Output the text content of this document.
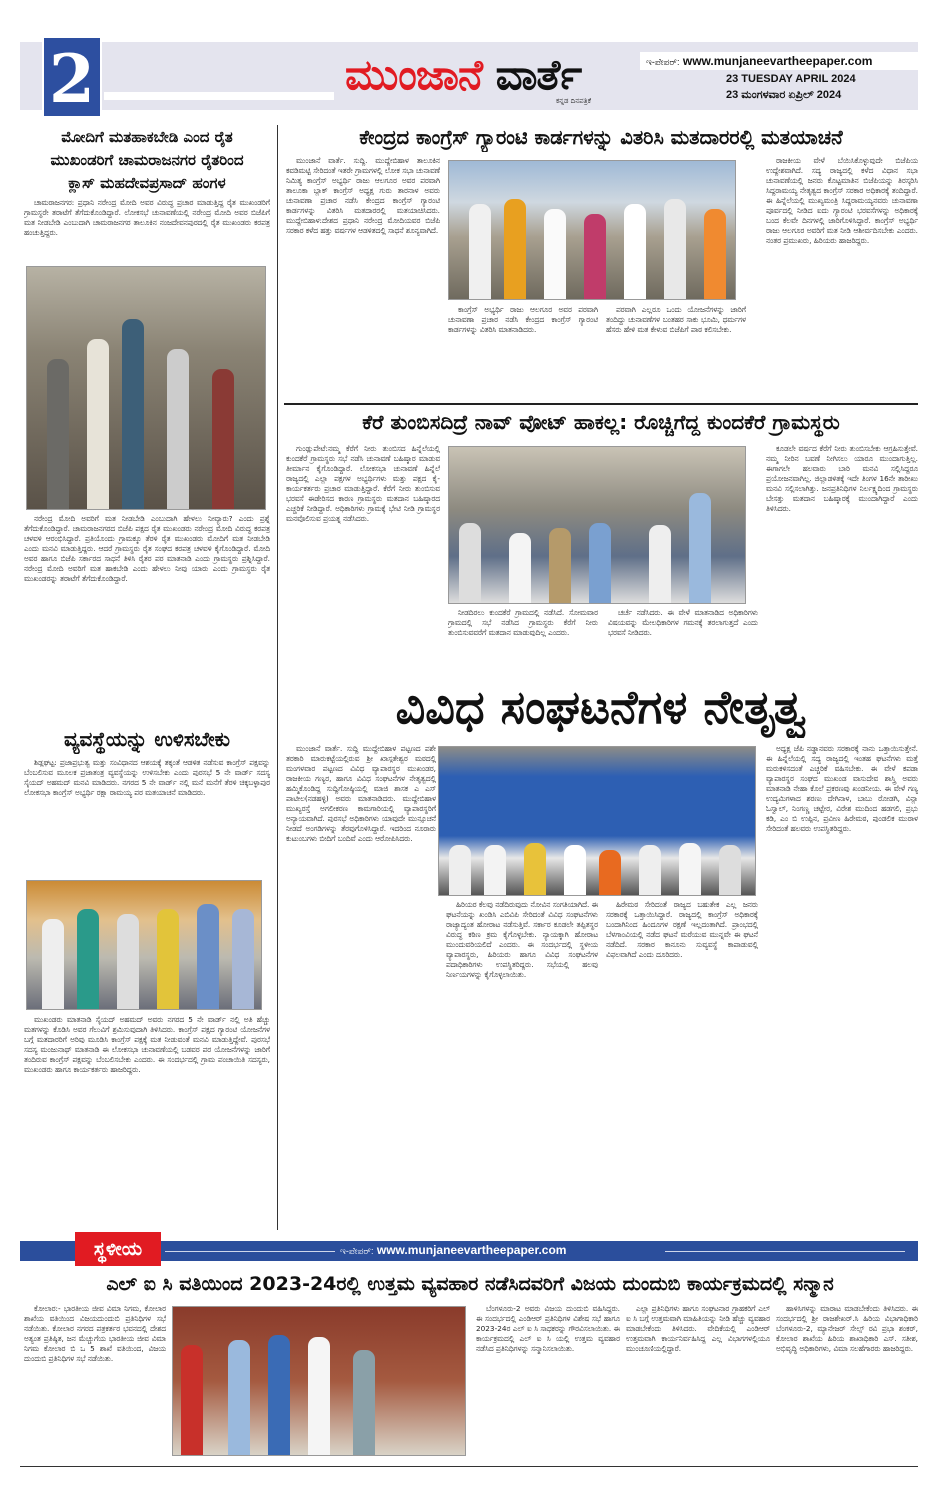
2	ಮುಂಜಾನೆ ವಾರ್ತೆ
ಕನ್ನಡ ದಿನಪತ್ರಿಕೆ
ಇ-ಪೇಪರ್: www.munjaneevartheepaper.com
23 TUESDAY APRIL 2024
23 ಮಂಗಳವಾರ ಏಪ್ರಿಲ್ 2024
ಮೋದಿಗೆ ಮತಹಾಕಬೇಡಿ ಎಂದ ರೈತ
ಮುಖಂಡರಿಗೆ ಚಾಮರಾಜನಗರ ರೈತರಿಂದ
ಕ್ಲಾಸ್ ಮಹದೇವಪ್ರಸಾದ್ ಹಂಗಳ

ಚಾಮರಾಜನಗರ: ಪ್ರಧಾನಿ ನರೇಂದ್ರ ಮೋದಿ ಅವರ ವಿರುದ್ಧ ಪ್ರಚಾರ ಮಾಡುತ್ತಿದ್ದ ರೈತ ಮುಖಂಡರಿಗೆ ಗ್ರಾಮಸ್ಥರೇ ತರಾಟೆಗೆ ತೆಗೆದುಕೊಂಡಿದ್ದಾರೆ. ಲೋಕಸಭೆ ಚುನಾವಣೆಯಲ್ಲಿ ನರೇಂದ್ರ ಮೋದಿ ಅವರ ಬಿಜೆಪಿಗೆ ಮತ ನೀಡಬೇಡಿ ಎಂಬುದಾಗಿ ಚಾಮರಾಜನಗರ ತಾಲೂಕಿನ ನಂಜದೇವನಪುರದಲ್ಲಿ ರೈತ ಮುಖಂಡರು ಕರಪತ್ರ ಹಂಚುತ್ತಿದ್ದರು.

ನರೇಂದ್ರ ಮೋದಿ ಅವರಿಗೆ ಮತ ನೀಡಬೇಡಿ ಎಂಬುದಾಗಿ ಹೇಳಲು ನೀವ್ಯಾರು? ಎಂದು ಪ್ರಶ್ನೆ ತೆಗೆದುಕೊಂಡಿದ್ದಾರೆ. ಚಾಮರಾಜನಗರದ ಬಿಜೆಪಿ ಪಕ್ಷದ ರೈತ ಮುಖಂಡರು ನರೇಂದ್ರ ಮೋದಿ ವಿರುದ್ಧ ಕರಪತ್ರ ಚಳವಳಿ ಆರಂಭಿಸಿದ್ದಾರೆ. ಪ್ರತಿಯೊಂದು ಗ್ರಾಮಕ್ಕೂ ತೆರಳಿ ರೈತ ಮುಖಂಡರು ಮೋದಿಗೆ ಮತ ನೀಡಬೇಡಿ ಎಂದು ಮನವಿ ಮಾಡುತ್ತಿದ್ದರು. ಆದರೆ ಗ್ರಾಮಸ್ಥರು ರೈತ ಸಂಘದ ಕರಪತ್ರ ಚಳವಳಿ ಕೈಗೊಂಡಿದ್ದಾರೆ. ಮೋದಿ ಅವರ ಹಾಗೂ ಬಿಜೆಪಿ ಸರ್ಕಾರದ ಸಾಧನೆ ತಿಳಿಸಿ ರೈತರ ಪರ ಮಾತನಾಡಿ ಎಂದು ಗ್ರಾಮಸ್ಥರು ಪ್ರಶ್ನಿಸಿದ್ದಾರೆ. ನರೇಂದ್ರ ಮೋದಿ ಅವರಿಗೆ ಮತ ಹಾಕಬೇಡಿ ಎಂದು ಹೇಳಲು ನೀವು ಯಾರು ಎಂದು ಗ್ರಾಮಸ್ಥರು ರೈತ ಮುಖಂಡರನ್ನು ತರಾಟೆಗೆ ತೆಗೆದುಕೊಂಡಿದ್ದಾರೆ.

ವ್ಯವಸ್ಥೆಯನ್ನು ಉಳಿಸಬೇಕು

ಶಿಡ್ಲಘಟ್ಟ: ಪ್ರಜಾಪ್ರಭುತ್ವ ಮತ್ತು ಸಂವಿಧಾನದ ಆಶಯಕ್ಕೆ ತಕ್ಕಂತೆ ಆಡಳಿತ ನಡೆಸುವ ಕಾಂಗ್ರೆಸ್ ಪಕ್ಷವನ್ನು ಬೆಂಬಲಿಸುವ ಮೂಲಕ ಪ್ರಜಾತಂತ್ರ ವ್ಯವಸ್ಥೆಯನ್ನು ಉಳಿಸಬೇಕು ಎಂದು ಪುರಸಭೆ 5 ನೇ ವಾರ್ಡ್ ಸದಸ್ಯ ಸೈಯದ್ ಅಹಮದ್ ಮನವಿ ಮಾಡಿದರು. ನಗರದ 5 ನೇ ವಾರ್ಡ್ ನಲ್ಲಿ ಮನೆ ಮನೆಗೆ ತೆರಳಿ ಚಿಕ್ಕಬಳ್ಳಾಪುರ ಲೋಕಸಭಾ ಕಾಂಗ್ರೆಸ್ ಅಭ್ಯರ್ಥಿ ರಕ್ಷಾ ರಾಮಯ್ಯ ಪರ ಮತಯಾಚನೆ ಮಾಡಿದರು.

ಮುಖಂಡರು ಮಾತನಾಡಿ ಸೈಯದ್ ಅಹಮದ್ ಅವರು ನಗರದ 5 ನೇ ವಾರ್ಡ್ ನಲ್ಲಿ ಅತಿ ಹೆಚ್ಚು ಮತಗಳನ್ನು ಕೊಡಿಸಿ ಅವರ ಗೆಲುವಿಗೆ ಶ್ರಮಿಸುವುದಾಗಿ ತಿಳಿಸಿದರು. ಕಾಂಗ್ರೆಸ್ ಪಕ್ಷದ ಗ್ಯಾರಂಟಿ ಯೋಜನೆಗಳ ಬಗ್ಗೆ ಮತದಾರರಿಗೆ ಅರಿವು ಮೂಡಿಸಿ ಕಾಂಗ್ರೆಸ್ ಪಕ್ಷಕ್ಕೆ ಮತ ನೀಡುವಂತೆ ಮನವಿ ಮಾಡುತ್ತಿದ್ದೇವೆ. ಪುರಸಭೆ ಸದಸ್ಯ ಮಂಜುನಾಥ್ ಮಾತನಾಡಿ ಈ ಲೋಕಸಭಾ ಚುನಾವಣೆಯಲ್ಲಿ ಬಡವರ ಪರ ಯೋಜನೆಗಳನ್ನು ಜಾರಿಗೆ ತಂದಿರುವ ಕಾಂಗ್ರೆಸ್ ಪಕ್ಷವನ್ನು ಬೆಂಬಲಿಸಬೇಕು ಎಂದರು. ಈ ಸಂದರ್ಭದಲ್ಲಿ ಗ್ರಾಮ ಪಂಚಾಯಿತಿ ಸದಸ್ಯರು, ಮುಖಂಡರು ಹಾಗೂ ಕಾರ್ಯಕರ್ತರು ಹಾಜರಿದ್ದರು.

ಕೇಂದ್ರದ ಕಾಂಗ್ರೆಸ್ ಗ್ಯಾರಂಟಿ ಕಾರ್ಡಗಳನ್ನು ವಿತರಿಸಿ ಮತದಾರರಲ್ಲಿ ಮತಯಾಚನೆ

ಮುಂಜಾನೆ ವಾರ್ತೆ. ಸುದ್ದಿ. ಮುದ್ದೇಬಿಹಾಳ ತಾಲೂಕಿನ ಕವಡಿಮಟ್ಟಿ ಸೇರಿದಂತೆ ಇತರೇ ಗ್ರಾಮಗಳಲ್ಲಿ ಲೋಕ ಸಭಾ ಚುನಾವಣೆ ನಿಮಿತ್ಯ ಕಾಂಗ್ರೆಸ್ ಅಭ್ಯರ್ಥಿ ರಾಜು ಆಲಗೂರ ಅವರ ಪರವಾಗಿ ತಾಲೂಕಾ ಬ್ಲಾಕ್ ಕಾಂಗ್ರೆಸ್ ಅಧ್ಯಕ್ಷ ಗುರು ತಾರನಾಳ ಅವರು ಚುನಾವಣಾ ಪ್ರಚಾರ ನಡೆಸಿ ಕೇಂದ್ರದ ಕಾಂಗ್ರೆಸ್ ಗ್ಯಾರಂಟಿ ಕಾರ್ಡಗಳನ್ನು ವಿತರಿಸಿ ಮತದಾರರಲ್ಲಿ ಮತಯಾಚಿಸಿದರು. ಮುದ್ದೇಬಿಹಾಳ:ದೇಶದ ಪ್ರಧಾನಿ ನರೇಂದ್ರ ಮೋದಿಯವರ ಬಿಜೆಪಿ ಸರಕಾರ ಕಳೆದ ಹತ್ತು ವರ್ಷಗಳ ಆಡಳಿತದಲ್ಲಿ ಸಾಧನೆ ಶೂನ್ಯವಾಗಿದೆ.

ಕಾಂಗ್ರೆಸ್ ಅಭ್ಯರ್ಥಿ ರಾಜು ಆಲಗೂರ ಅವರ ಪರವಾಗಿ ಚುನಾವಣಾ ಪ್ರಚಾರ ನಡೆಸಿ ಕೇಂದ್ರದ ಕಾಂಗ್ರೆಸ್ ಗ್ಯಾರಂಟಿ ಕಾರ್ಡಗಳನ್ನು ವಿತರಿಸಿ ಮಾತನಾಡಿದರು.

ಪರವಾಗಿ ಎಲ್ಲರೂ ಒಂದು ಯೋಜನೆಗಳನ್ನು ಜಾರಿಗೆ ತಂದಿದ್ದು ಚುನಾವಣೆಗಳ ಬಂತಹರ ಸಾಕು ಭೂಮಿ, ಧರ್ಮಗಳ ಹೆಸರು ಹೇಳಿ ಮತ ಕೇಳುವ ಬಿಜೆಪಿಗೆ ಪಾಠ ಕಲಿಸಬೇಕು.

ರಾಜಕೀಯ ವೇಳೆ ಬೆಯಿಸಿಕೊಳ್ಳುವುದೇ ಬಿಜೆಪಿಯ ಉದ್ದೇಶವಾಗಿದೆ. ಸದ್ಯ ರಾಜ್ಯದಲ್ಲಿ ಕಳೆದ ವಿಧಾನ ಸಭಾ ಚುನಾವಣೆಯಲ್ಲಿ ಜನರು ಕೊಟ್ಟಮಾತಿನ ಬಿಜೆಪಿಯನ್ನು ತಿರಸ್ಕರಿಸಿ ಸಿದ್ದರಾಮಯ್ಯ ನೇತೃತ್ವದ ಕಾಂಗ್ರೆಸ್ ಸರಕಾರ ಅಧಿಕಾರಕ್ಕೆ ತಂದಿದ್ದಾರೆ. ಈ ಹಿನ್ನೆಲೆಯಲ್ಲಿ ಮುಖ್ಯಮಂತ್ರಿ ಸಿದ್ದರಾಮಯ್ಯನವರು ಚುನಾವಣಾ ಪೂರ್ವದಲ್ಲಿ ನೀಡಿದ ಐದು ಗ್ಯಾರಂಟಿ ಭರವಸೆಗಳನ್ನು ಅಧಿಕಾರಕ್ಕೆ ಬಂದ ಕೆಲವೇ ದಿನಗಳಲ್ಲಿ ಜಾರಿಗೊಳಿಸಿದ್ದಾರೆ. ಕಾಂಗ್ರೆಸ್ ಅಭ್ಯರ್ಥಿ ರಾಜು ಆಲಗೂರ ಅವರಿಗೆ ಮತ ನೀಡಿ ಆಶೀರ್ವದಿಸಬೇಕು ಎಂದರು. ನಂತರ ಪ್ರಮುಖರು, ಹಿರಿಯರು ಹಾಜರಿದ್ದರು.

ಕೆರೆ ತುಂಬಿಸದಿದ್ರೆ ನಾವ್ ವೋಟ್ ಹಾಕಲ್ಲ: ರೊಚ್ಚಿಗೆದ್ದ ಕುಂದಕೆರೆ ಗ್ರಾಮಸ್ಥರು

ಗುಂಡ್ಲುಪೇಟೆ:ನಮ್ಮ ಕೆರೆಗೆ ನೀರು ತುಂಬಿಸದ ಹಿನ್ನೆಲೆಯಲ್ಲಿ ಕುಂದಕೆರೆ ಗ್ರಾಮಸ್ಥರು ಸಭೆ ನಡೆಸಿ ಚುನಾವಣೆ ಬಹಿಷ್ಕಾರ ಮಾಡುವ ತೀರ್ಮಾನ ಕೈಗೊಂಡಿದ್ದಾರೆ. ಲೋಕಸಭಾ ಚುನಾವಣೆ ಹಿನ್ನೆಲೆ ರಾಜ್ಯದಲ್ಲಿ ಎಲ್ಲಾ ಪಕ್ಷಗಳ ಅಭ್ಯರ್ಥಿಗಳು ಮತ್ತು ಪಕ್ಷದ ಕೈ-ಕಾರ್ಯಕರ್ತರು ಪ್ರಚಾರ ಮಾಡುತ್ತಿದ್ದಾರೆ. ಕೆರೆಗೆ ನೀರು ತುಂಬಿಸುವ ಭರವಸೆ ಈಡೇರಿಸದ ಕಾರಣ ಗ್ರಾಮಸ್ಥರು ಮತದಾನ ಬಹಿಷ್ಕಾರದ ಎಚ್ಚರಿಕೆ ನೀಡಿದ್ದಾರೆ. ಅಧಿಕಾರಿಗಳು ಗ್ರಾಮಕ್ಕೆ ಭೇಟಿ ನೀಡಿ ಗ್ರಾಮಸ್ಥರ ಮನವೊಲಿಸುವ ಪ್ರಯತ್ನ ನಡೆಸಿದರು.

ನೀಡದಿರಲು ಕುಂದಕೆರೆ ಗ್ರಾಮದಲ್ಲಿ ನಡೆಸಿದೆ. ಸೋಮವಾರ ಗ್ರಾಮದಲ್ಲಿ ಸಭೆ ನಡೆಸಿದ ಗ್ರಾಮಸ್ಥರು ಕೆರೆಗೆ ನೀರು ತುಂಬಿಸುವವರೆಗೆ ಮತದಾನ ಮಾಡುವುದಿಲ್ಲ ಎಂದರು.

ಚರ್ಚೆ ನಡೆಸಿದರು. ಈ ವೇಳೆ ಮಾತನಾಡಿದ ಅಧಿಕಾರಿಗಳು ವಿಷಯವನ್ನು ಮೇಲಧಿಕಾರಿಗಳ ಗಮನಕ್ಕೆ ತರಲಾಗುತ್ತದೆ ಎಂದು ಭರವಸೆ ನೀಡಿದರು.

ಕೂಡಲೇ ವರ್ಷದ ಕೆರೆಗೆ ನೀರು ತುಂಬಿಸಬೇಕು ಆಗ್ರಹಿಸುತ್ತೇವೆ. ನಮ್ಮ ನೀರಿನ ಬವಣೆ ನೀಗಿಸಲು ಯಾರೂ ಮುಂದಾಗುತ್ತಿಲ್ಲ. ಈಗಾಗಲೇ ಹಲವಾರು ಬಾರಿ ಮನವಿ ಸಲ್ಲಿಸಿದ್ದರೂ ಪ್ರಯೋಜನವಾಗಿಲ್ಲ. ಜಿಲ್ಲಾಡಳಿತಕ್ಕೆ ಇದೇ ತಿಂಗಳ 16ನೇ ತಾರೀಖು ಮನವಿ ಸಲ್ಲಿಸಲಾಗಿತ್ತು. ಜನಪ್ರತಿನಿಧಿಗಳ ನಿರ್ಲಕ್ಷ್ಯದಿಂದ ಗ್ರಾಮಸ್ಥರು ಬೇಸತ್ತು ಮತದಾನ ಬಹಿಷ್ಕಾರಕ್ಕೆ ಮುಂದಾಗಿದ್ದಾರೆ ಎಂದು ತಿಳಿಸಿದರು.

ವಿವಿಧ ಸಂಘಟನೆಗಳ ನೇತೃತ್ವ

ಮುಂಜಾನೆ ವಾರ್ತೆ. ಸುದ್ದಿ ಮುದ್ದೇಬಿಹಾಳ ಪಟ್ಟಣದ ಪಶೇ ತರಕಾರಿ ಮಾರುಕಟ್ಟೆಯಲ್ಲಿರುವ ಶ್ರೀ ಖಾಸ್ಗತೇಶ್ವರ ಮಠದಲ್ಲಿ ಮಂಗಳವಾರ ಪಟ್ಟಣದ ವಿವಿಧ ವ್ಯಾಪಾರಸ್ಥರ ಮುಖಂಡರ, ರಾಜಕೀಯ ಗಣ್ಯರ, ಹಾಗೂ ವಿವಿಧ ಸಂಘಟನೆಗಳ ನೇತೃತ್ವದಲ್ಲಿ ಹಮ್ಮಿಕೊಂಡಿದ್ದ ಸುದ್ದಿಗೋಷ್ಠಿಯಲ್ಲಿ ಮಾಜಿ ಶಾಸಕ ಎ ಎಸ್ ಪಾಟೀಲ(ನಡಹಳ್ಳಿ) ಅವರು ಮಾತನಾಡಿದರು. ಮುದ್ದೇಬಿಹಾಳ ಮುಖ್ಯರಸ್ತೆ ಅಗಲೀಕರಣ ಕಾಮಗಾರಿಯಲ್ಲಿ ವ್ಯಾಪಾರಸ್ಥರಿಗೆ ಅನ್ಯಾಯವಾಗಿದೆ. ಪುರಸಭೆ ಅಧಿಕಾರಿಗಳು ಯಾವುದೇ ಮುನ್ಸೂಚನೆ ನೀಡದೆ ಅಂಗಡಿಗಳನ್ನು ತೆರವುಗೊಳಿಸಿದ್ದಾರೆ. ಇದರಿಂದ ನೂರಾರು ಕುಟುಂಬಗಳು ಬೀದಿಗೆ ಬಂದಿವೆ ಎಂದು ಆರೋಪಿಸಿದರು.

ಹಿರಿಯರ ಕೆಲವು ನಡೆದಿರುವುದು ನೋವಿನ ಸಂಗತಿಯಾಗಿದೆ. ಈ ಘಟನೆಯನ್ನು ಖಂಡಿಸಿ ಎಬಿವಿಪಿ ಸೇರಿದಂತೆ ವಿವಿಧ ಸಂಘಟನೆಗಳು ರಾಜ್ಯಾದ್ಯಂತ ಹೋರಾಟ ನಡೆಸುತ್ತಿವೆ. ಸರ್ಕಾರ ಕೂಡಲೇ ತಪ್ಪಿತಸ್ಥರ ವಿರುದ್ಧ ಕಠಿಣ ಕ್ರಮ ಕೈಗೊಳ್ಳಬೇಕು. ನ್ಯಾಯಕ್ಕಾಗಿ ಹೋರಾಟ ಮುಂದುವರಿಯಲಿದೆ ಎಂದರು. ಈ ಸಂದರ್ಭದಲ್ಲಿ ಸ್ಥಳೀಯ ವ್ಯಾಪಾರಸ್ಥರು, ಹಿರಿಯರು ಹಾಗೂ ವಿವಿಧ ಸಂಘಟನೆಗಳ ಪದಾಧಿಕಾರಿಗಳು ಉಪಸ್ಥಿತರಿದ್ದರು. ಸಭೆಯಲ್ಲಿ ಹಲವು ನಿರ್ಣಯಗಳನ್ನು ಕೈಗೊಳ್ಳಲಾಯಿತು.

ಹಿರೇಮಠ ಸೇರಿದಂತೆ ರಾಜ್ಯದ ಬಹುತೇಕ ಎಲ್ಲ ಜನರು ಸರಕಾರಕ್ಕೆ ಒತ್ತಾಯಿಸಿದ್ದಾರೆ. ರಾಜ್ಯದಲ್ಲಿ ಕಾಂಗ್ರೆಸ್ ಅಧಿಕಾರಕ್ಕೆ ಬಂದಾಗಿನಿಂದ ಹಿಂದೂಗಳ ರಕ್ಷಣೆ ಇಲ್ಲದಂತಾಗಿದೆ. ಪ್ರಾಂಭದಲ್ಲಿ ಬೆಳಗಾಂವಿಯಲ್ಲಿ ನಡೆದ ಘಟನೆ ಮರೆಯುವ ಮುನ್ನವೇ ಈ ಘಟನೆ ನಡೆದಿದೆ. ಸರಕಾರ ಕಾನೂನು ಸುವ್ಯವಸ್ಥೆ ಕಾಪಾಡುವಲ್ಲಿ ವಿಫಲವಾಗಿದೆ ಎಂದು ದೂರಿದರು.

ಅಧ್ಯಕ್ಷ ಜೆಪಿ ನಡ್ಡಾನವರು ಸರಕಾರಕ್ಕೆ ನಾನು ಒತ್ತಾಯಿಸುತ್ತೇನೆ. ಈ ಹಿನ್ನೆಲೆಯಲ್ಲಿ ಸದ್ಯ ರಾಜ್ಯದಲ್ಲಿ ಇಂತಹ ಘಟನೆಗಳು ಮತ್ತೆ ಮರುಕಳಿಸದಂತೆ ಎಚ್ಚರಿಕೆ ವಹಿಸಬೇಕು. ಈ ವೇಳೆ ಕಪಡಾ ವ್ಯಾಪಾರಸ್ಥರ ಸಂಘದ ಮುಖಂಡ ವಾಸುದೇವ ಶಾಸ್ತ್ರಿ ಅವರು ಮಾತನಾಡಿ ನೇಹಾ ಕೊಲೆ ಪ್ರಕರಣವು ಖಂಡನೀಯ. ಈ ವೇಳೆ ಗಣ್ಯ ಉದ್ಯಮಿಗಳಾದ ಶರಣು ದೇಗಿನಾಳ, ಬಾಬು ರೋಡಗಿ, ವಿನ್ಲಾ ಓಸ್ವಾಲ್, ನಿಂಗಣ್ಣ ಚಟ್ಟೇರ, ವಿರೇಶ ಮುದಿಂದ ಹಡಗಲಿ, ಪ್ರಭು ಕಡಿ, ಎಂ ಬಿ ಉಪ್ಪಿನ, ಪ್ರವೀಣ ಹಿರೇಮಠ, ಪುಂಡಲಿಕ ಮುರಾಳ ಸೇರಿದಂತೆ ಹಲವರು ಉಪಸ್ಥಿತರಿದ್ದರು.

ಸ್ಥಳೀಯ	ಇ-ಪೇಪರ್: www.munjaneevartheepaper.com
ಎಲ್ ಐ ಸಿ ವತಿಯಿಂದ 2023-24ರಲ್ಲಿ ಉತ್ತಮ ವ್ಯವಹಾರ ನಡೆಸಿದವರಿಗೆ ವಿಜಯ ದುಂದುಬಿ ಕಾರ್ಯಕ್ರಮದಲ್ಲಿ ಸನ್ಮಾನ

ಕೋಲಾರ:- ಭಾರತೀಯ ಜೀವ ವಿಮಾ ನಿಗಮ, ಕೋಲಾರ ಶಾಖೆಯ ವತಿಯಿಂದ ವಿಜಯದುಂದುಬಿ ಪ್ರತಿನಿಧಿಗಳ ಸಭೆ ನಡೆಯಿತು. ಕೋಲಾರ ನಗರದ ಪತ್ರಕರ್ತರ ಭವನದಲ್ಲಿ ದೇಶದ ಅತ್ಯಂತ ಪ್ರತಿಷ್ಠಿತ, ಜನ ಮೆಚ್ಚುಗೆಯ ಭಾರತೀಯ ಜೀವ ವಿಮಾ ನಿಗಮ ಕೋಲಾರ ಬಿ ಒ 5 ಶಾಖೆ ವತಿಯಿಂದ, ವಿಜಯ ದುಂದುಬಿ ಪ್ರತಿನಿಧಿಗಳ ಸಭೆ ನಡೆಯಿತು.

ಬೆಂಗಳೂರು-2 ಅವರು ವಿಜಯ ದುಂದುಬಿ ವಹಿಸಿದ್ದರು. ಈ ಸಂದರ್ಭದಲ್ಲಿ ಎಂಡಿಆರ್ ಪ್ರತಿನಿಧಿಗಳ ವಿಶೇಷ ಸಭೆ ಹಾಗೂ 2023-24ರ ಎಲ್ ಐ ಸಿ ಸಾಧಕರನ್ನು ಗೌರವಿಸಲಾಯಿತು. ಈ ಕಾರ್ಯಕ್ರಮದಲ್ಲಿ ಎಲ್ ಐ ಸಿ ಯಲ್ಲಿ ಉತ್ತಮ ವ್ಯವಹಾರ ನಡೆಸಿದ ಪ್ರತಿನಿಧಿಗಳನ್ನು ಸನ್ಮಾನಿಸಲಾಯಿತು.

ಎಲ್ಲಾ ಪ್ರತಿನಿಧಿಗಳು ಹಾಗೂ ಸಂಘಟನಾರ ಗ್ರಾಹಕರಿಗೆ ಎಲ್ ಐ ಸಿ ಬಗ್ಗೆ ಉತ್ತಮವಾಗಿ ಮಾಹಿತಿಯನ್ನು ನೀಡಿ ಹೆಚ್ಚು ವ್ಯವಹಾರ ಮಾಡಬೇಕೆಂದು ತಿಳಿಸಿದರು. ವೇದಿಕೆಯಲ್ಲಿ ಎಂಡಿಆರ್ ಉತ್ತಮವಾಗಿ ಕಾರ್ಯನಿರ್ವಹಿಸಿದ್ದ ಎಲ್ಲ ವಿಭಾಗಗಳಲ್ಲಿಯೂ ಮುಂಚೂಣಿಯಲ್ಲಿದ್ದಾರೆ.

ಹಾಳಿಸಿಗಳನ್ನು ಮಾರಾಟ ಮಾಡಬೇಕೆಂದು ತಿಳಿಸಿದರು. ಈ ಸಂದರ್ಭದಲ್ಲಿ ಶ್ರೀ ರಾಜಶೇಖರ್.ಸಿ ಹಿರಿಯ ವಿಭಾಗಾಧಿಕಾರಿ ಬೆಂಗಳೂರು-2, ಮ್ಯಾನೇಜರ್ ಸೇಲ್ಸ್ ರವಿ ಪ್ರಭಾ ಶಂಕರ್, ಕೋಲಾರ ಶಾಖೆಯ ಹಿರಿಯ ಶಾಖಾಧಿಕಾರಿ ಎಸ್. ಸತೀಶ, ಅಭಿವೃದ್ಧಿ ಅಧಿಕಾರಿಗಳು, ವಿಮಾ ಸಲಹೆಗಾರರು ಹಾಜರಿದ್ದರು.
